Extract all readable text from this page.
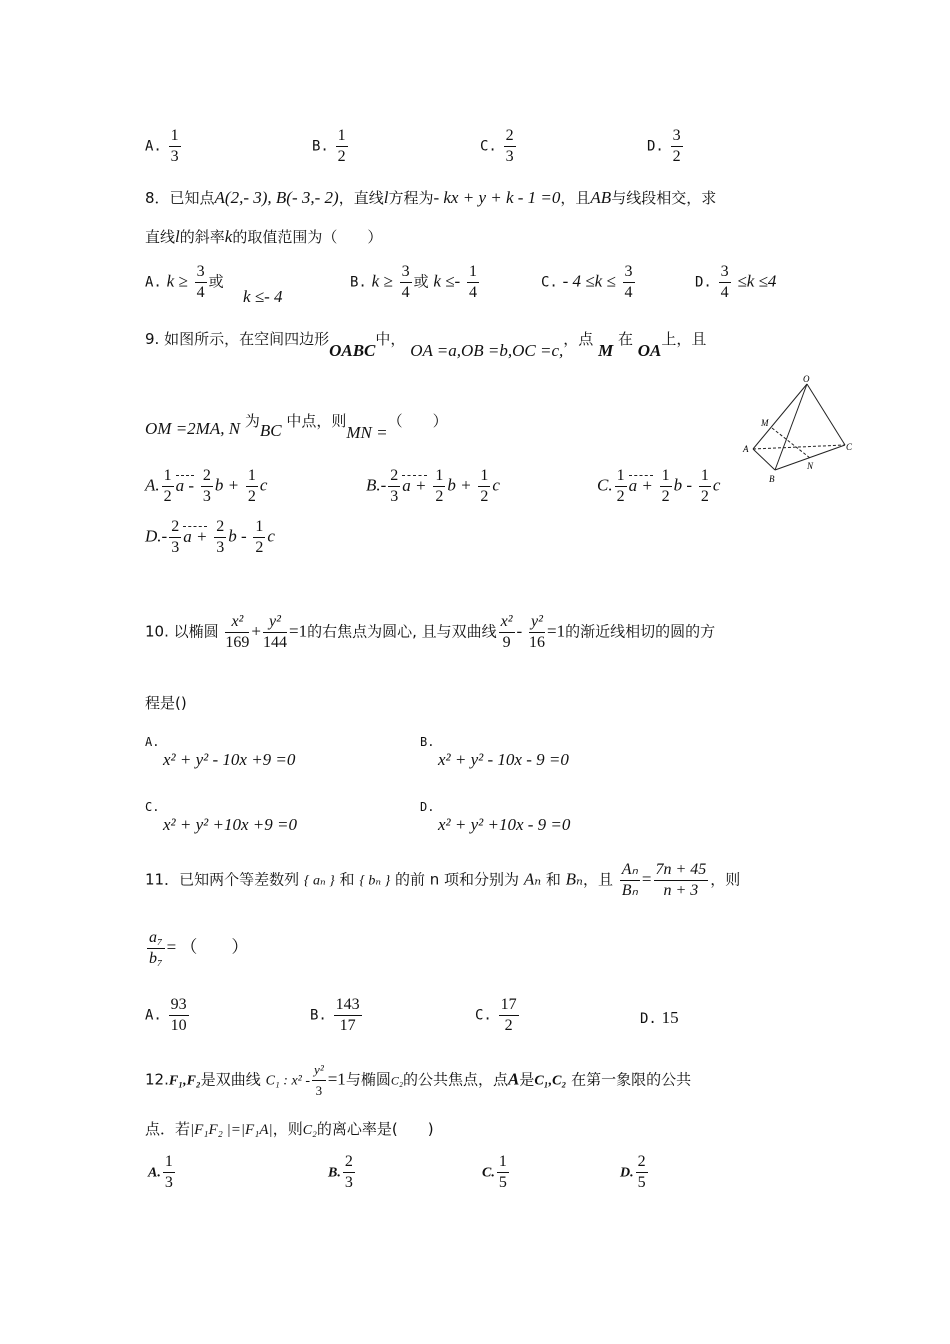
A. $\frac{1}{3}$	B. $\frac{1}{2}$	C. $\frac{2}{3}$	D. $\frac{3}{2}$
8．已知点A(2,- 3), B(- 3,- 2)，直线l方程为- kx + y + k - 1 =0，且AB与线段相交，求
直线l的斜率k的取值范围为（　　）
A. $k \ge \frac{3}{4}$ 或
k ≤- 4
B. $k \ge \frac{3}{4}$ 或 $k \le- \frac{1}{4}$	C. - $4 \le k \le \frac{3}{4}$	D. $\frac{3}{4} \le k \le 4$
9. 如图所示，在空间四边形OABC中， OA =a,OB =b,OC =c,，点 M 在 OA上，且
OM =2MA, N 为BC 中点，则MN =（　　）
A. $\frac{1}{2}$ a - $\frac{2}{3}$ $b + \frac{1}{2}$ c	$B.- \frac{2}{3}$ $a + \frac{1}{2}$ $b + \frac{1}{2}$ c	C. $\frac{1}{2}$ $a + \frac{1}{2}$ b - $\frac{1}{2}$ c
$D.- \frac{2}{3}$ $a + \frac{2}{3}$ b - $\frac{1}{2}$ c
O
M
A
B
C
N
10. 以椭圆 $\frac{\text{x²}}{169} + \frac{\text{y²}}{144} =1$的右焦点为圆心, 且与双曲线 $\frac{\text{x²}}{9} - \frac{\text{y²}}{16} =1$的渐近线相切的圆的方
程是()
A.
x² + y² - 10x +9 =0
B.
x² + y² - 10x - 9 =0
C.
x² + y² +10x +9 =0
D.
x² + y² +10x - 9 =0
11．已知两个等差数列 { aₙ } 和 { bₙ } 的前 n 项和分别为 Aₙ 和 Bₙ，且 $\frac{\text{Aₙ}}{\text{Bₙ}} = \frac{7n + 45}{n + 3}$ ，则
$\frac{\text{a₇}}{\text{b₇}}$ = （　　）
A. $\frac{93}{10}$	B. $\frac{143}{17}$	C. $\frac{17}{2}$	D. 15
12.F₁,F₂是双曲线 C₁ : $x^2 - \frac{\text{y²}}{3} =1$与椭圆C₂的公共焦点，点A是C₁,C₂ 在第一象限的公共
点．若|F₁F₂ |=|F₁A|，则C₂的离心率是(　　)
A. $\frac{1}{3}$	B. $\frac{2}{3}$	C. $\frac{1}{5}$	D. $\frac{2}{5}$
